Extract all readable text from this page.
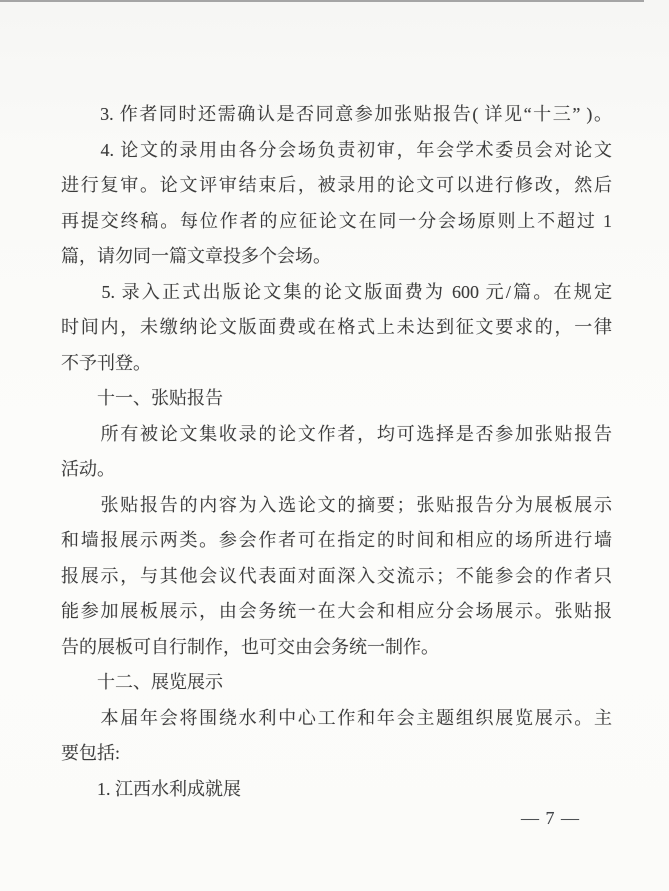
　　3. 作者同时还需确认是否同意参加张贴报告( 详见“十三” )。
　　4. 论文的录用由各分会场负责初审，年会学术委员会对论文
进行复审。论文评审结束后，被录用的论文可以进行修改，然后
再提交终稿。每位作者的应征论文在同一分会场原则上不超过 1
篇，请勿同一篇文章投多个会场。
　　5. 录入正式出版论文集的论文版面费为 600 元/篇。在规定
时间内，未缴纳论文版面费或在格式上未达到征文要求的，一律
不予刊登。
　　十一、张贴报告
　　所有被论文集收录的论文作者，均可选择是否参加张贴报告
活动。
　　张贴报告的内容为入选论文的摘要；张贴报告分为展板展示
和墙报展示两类。参会作者可在指定的时间和相应的场所进行墙
报展示，与其他会议代表面对面深入交流示；不能参会的作者只
能参加展板展示，由会务统一在大会和相应分会场展示。张贴报
告的展板可自行制作，也可交由会务统一制作。
　　十二、展览展示
　　本届年会将围绕水利中心工作和年会主题组织展览展示。主
要包括:
　　1. 江西水利成就展
— 7 —
